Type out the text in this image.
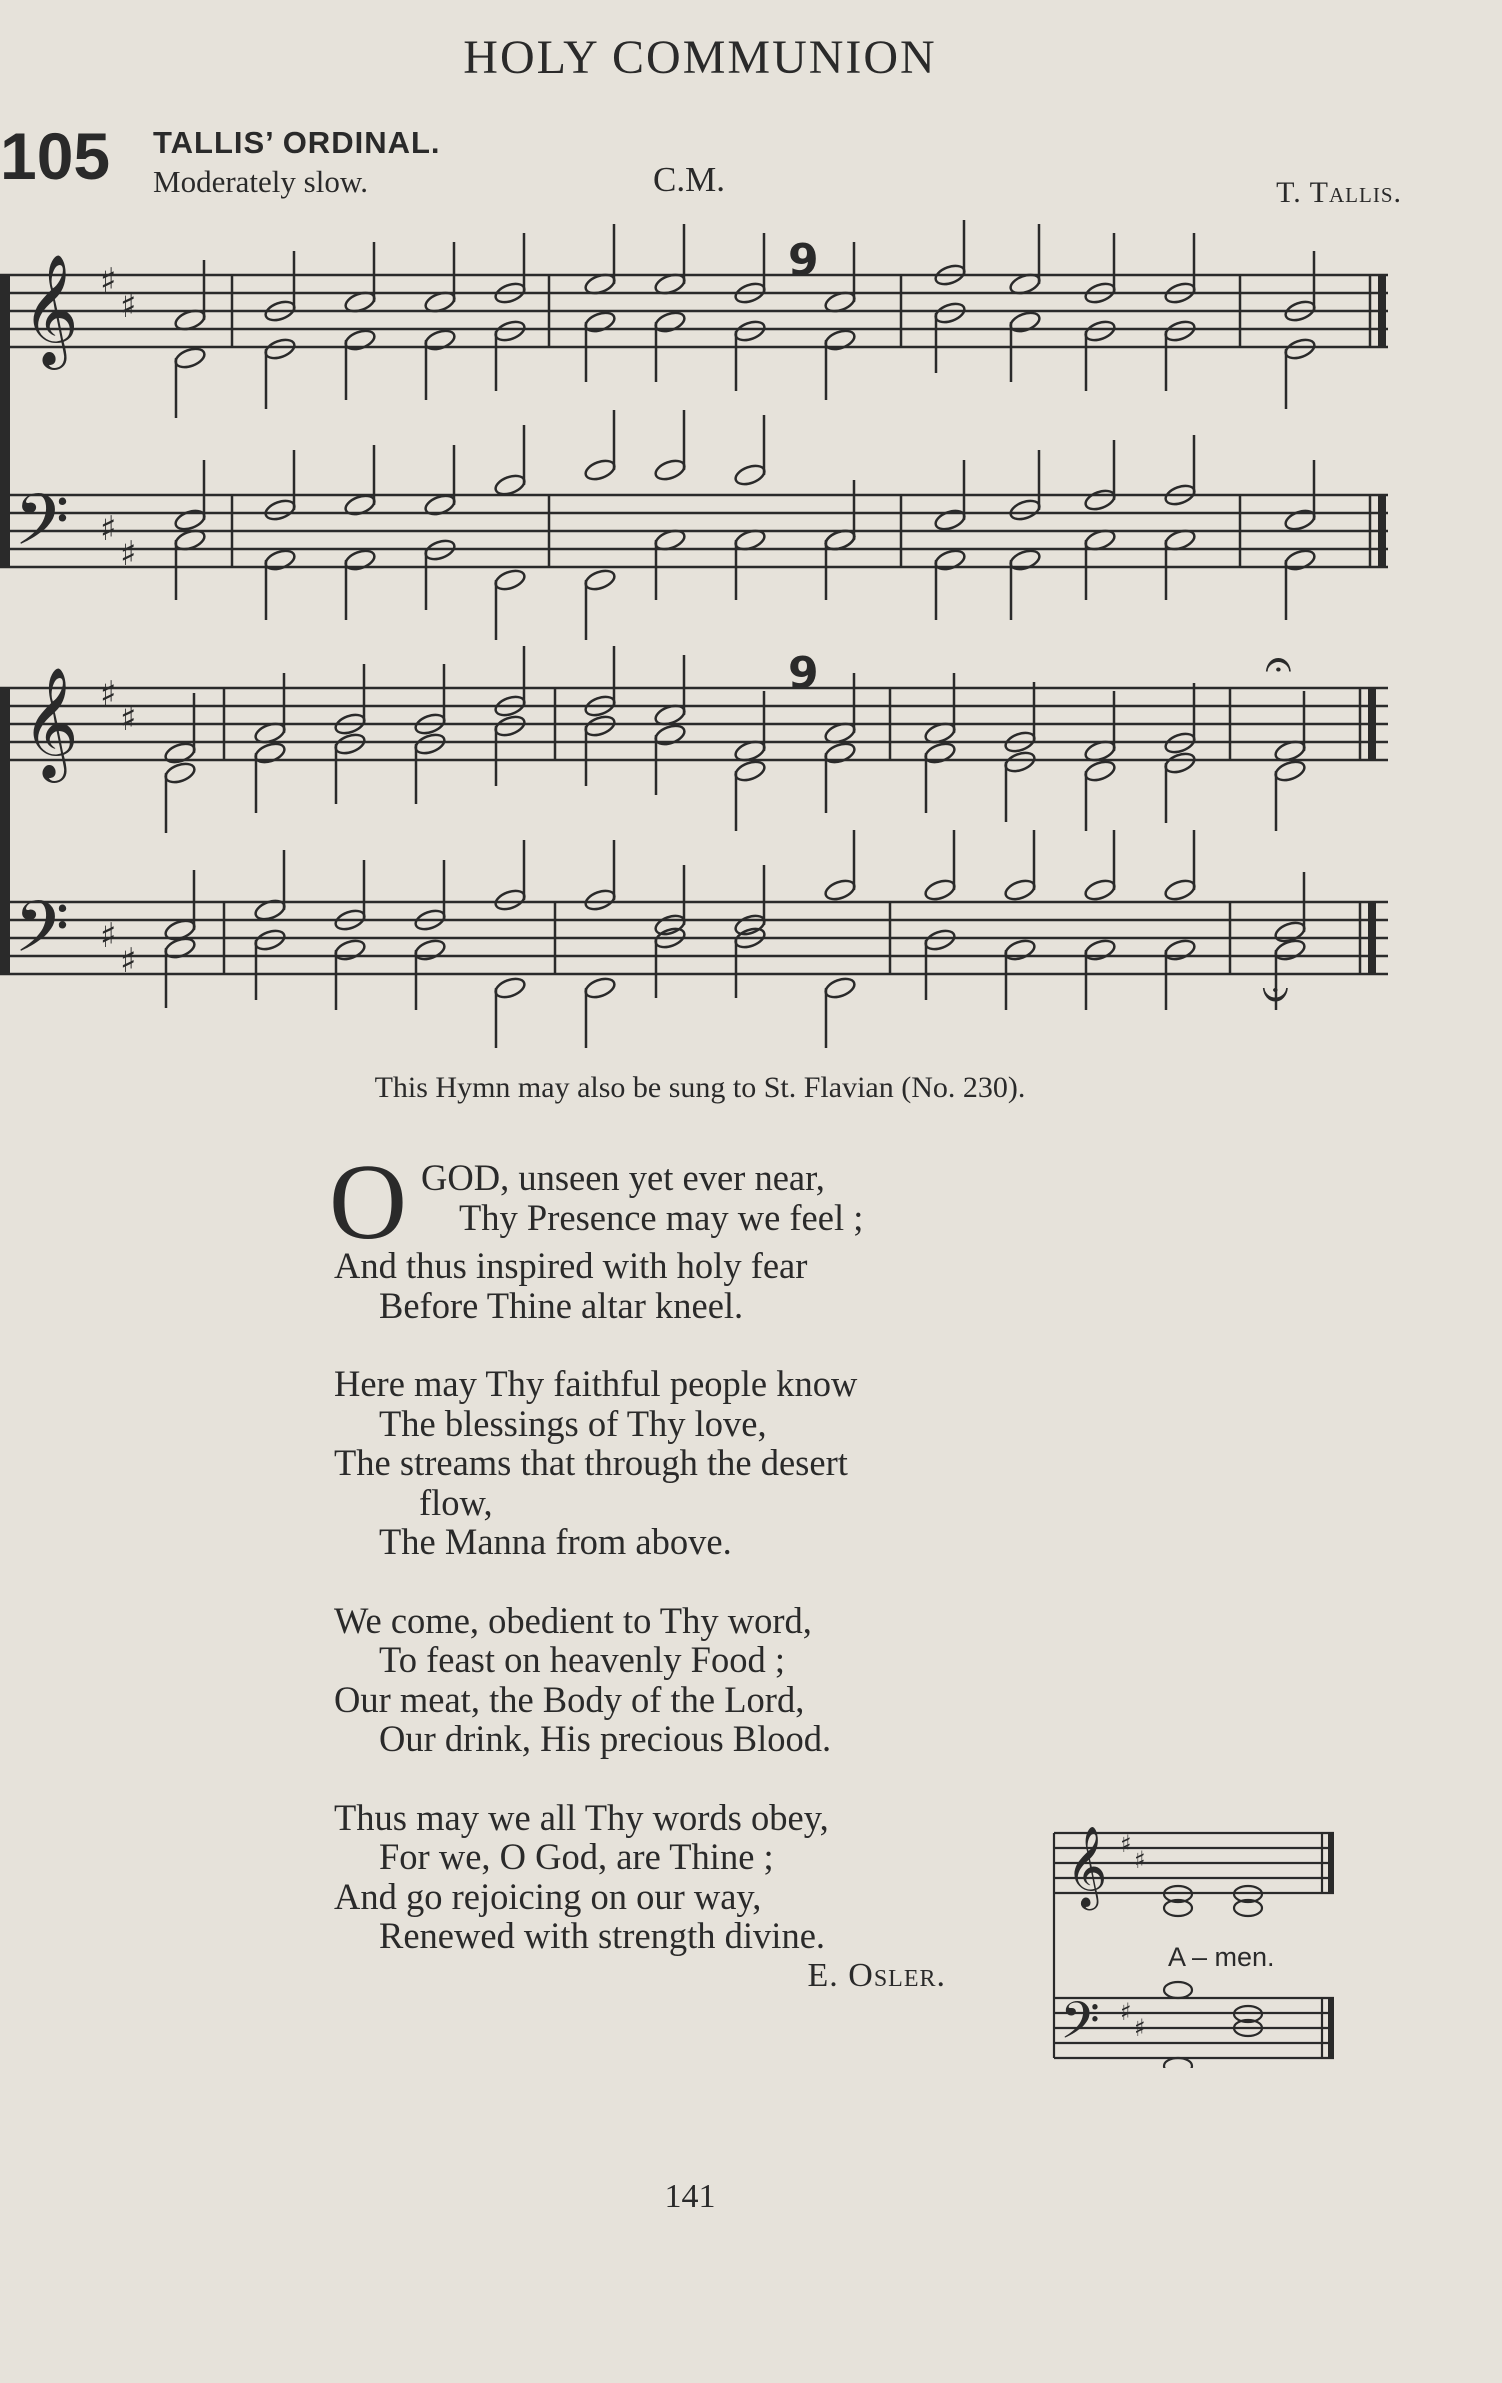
HOLY COMMUNION
105 TALLIS’ ORDINAL.
Moderately slow.	C.M.	T. Tallis.
𝄞
𝄢
𝄞
𝄢
♯
♯
♯
♯
♯
♯
♯
♯
9
9	𝄐
𝄑
This Hymn may also be sung to St. Flavian (No. 230).
O GOD, unseen yet ever near,
Thy Presence may we feel ;
And thus inspired with holy fear
Before Thine altar kneel.
Here may Thy faithful people know
The blessings of Thy love,
The streams that through the desert
flow,
The Manna from above.
We come, obedient to Thy word,
To feast on heavenly Food ;
Our meat, the Body of the Lord,
Our drink, His precious Blood.
Thus may we all Thy words obey,
For we, O God, are Thine ;
And go rejoicing on our way,
Renewed with strength divine.
E. Osler.
𝄞
𝄢
♯
♯
♯
♯
A – men.
141
